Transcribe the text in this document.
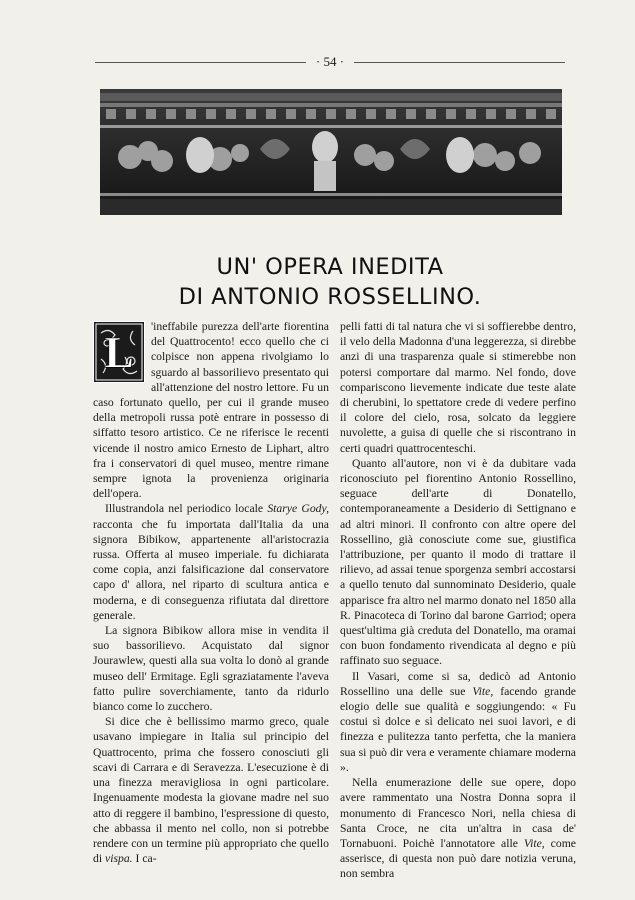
· 54 ·
UN' OPERA INEDITA
DI ANTONIO ROSSELLINO.

L
'ineffabile purezza dell'arte fiorentina del Quattrocento! ecco quello che ci colpisce non appena rivolgiamo lo sguardo al bassorilievo presentato qui all'attenzione del nostro lettore. Fu un caso fortunato quello, per cui il grande museo della metropoli russa potè entrare in possesso di siffatto tesoro artistico. Ce ne riferisce le recenti vicende il nostro amico Ernesto de Liphart, altro fra i conservatori di quel museo, mentre rimane sempre ignota la provenienza originaria dell'opera.

Illustrandola nel periodico locale Starye Gody, racconta che fu importata dall'Italia da una signora Bibikow, appartenente all'aristocrazia russa. Offerta al museo imperiale. fu dichiarata come copia, anzi falsificazione dal conservatore capo d' allora, nel riparto di scultura antica e moderna, e di conseguenza rifiutata dal direttore generale.

La signora Bibikow allora mise in vendita il suo bassorilievo. Acquistato dal signor Jourawlew, questi alla sua volta lo donò al grande museo dell' Ermitage. Egli sgraziatamente l'aveva fatto pulire soverchiamente, tanto da ridurlo bianco come lo zucchero.

Si dice che è bellissimo marmo greco, quale usavano impiegare in Italia sul principio del Quattrocento, prima che fossero conosciuti gli scavi di Carrara e di Seravezza. L'esecuzione è di una finezza meravigliosa in ogni particolare. Ingenuamente modesta la giovane madre nel suo atto di reggere il bambino, l'espressione di questo, che abbassa il mento nel collo, non si potrebbe rendere con un termine più appropriato che quello di vispa. I ca-

pelli fatti di tal natura che vi si soffierebbe dentro, il velo della Madonna d'una leggerezza, si direbbe anzi di una trasparenza quale si stimerebbe non potersi comportare dal marmo. Nel fondo, dove compariscono lievemente indicate due teste alate di cherubini, lo spettatore crede di vedere perfino il colore del cielo, rosa, solcato da leggiere nuvolette, a guisa di quelle che si riscontrano in certi quadri quattrocenteschi.

Quanto all'autore, non vi è da dubitare vada riconosciuto pel fiorentino Antonio Rossellino, seguace dell'arte di Donatello, contemporaneamente a Desiderio di Settignano e ad altri minori. Il confronto con altre opere del Rossellino, già conosciute come sue, giustifica l'attribuzione, per quanto il modo di trattare il rilievo, ad assai tenue sporgenza sembri accostarsi a quello tenuto dal sunnominato Desiderio, quale apparisce fra altro nel marmo donato nel 1850 alla R. Pinacoteca di Torino dal barone Garriod; opera quest'ultima già creduta del Donatello, ma oramai con buon fondamento rivendicata al degno e più raffinato suo seguace.

Il Vasari, come si sa, dedicò ad Antonio Rossellino una delle sue Vite, facendo grande elogio delle sue qualità e soggiungendo: « Fu costui sì dolce e sì delicato nei suoi lavori, e di finezza e pulitezza tanto perfetta, che la maniera sua si può dir vera e veramente chiamare moderna ».

Nella enumerazione delle sue opere, dopo avere rammentato una Nostra Donna sopra il monumento di Francesco Nori, nella chiesa di Santa Croce, ne cita un'altra in casa de' Tornabuoni. Poichè l'annotatore alle Vite, come asserisce, di questa non può dare notizia veruna, non sembra
